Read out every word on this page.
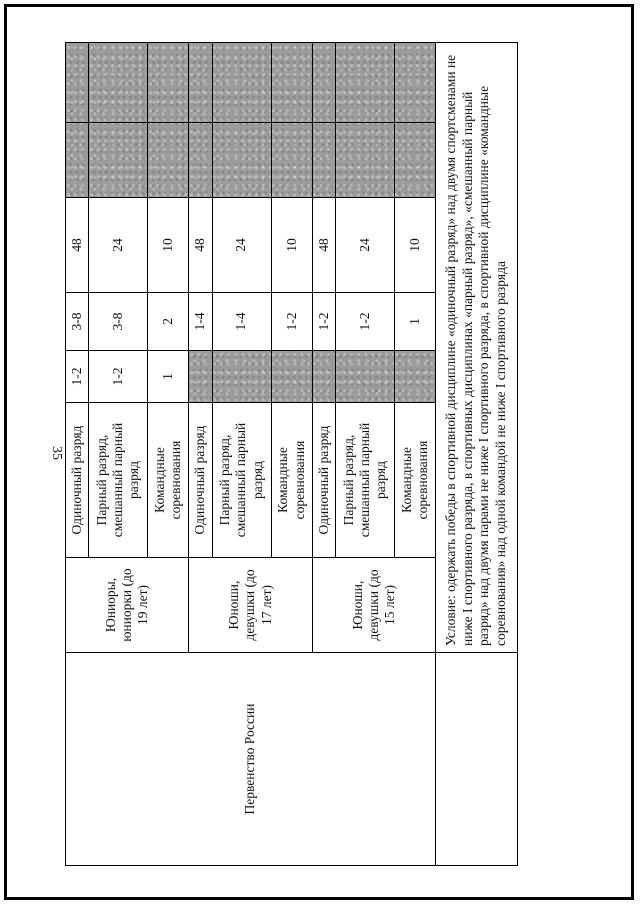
35
Первенство России	Юниоры, юниорки (до 19 лет)	Одиночный разряд	1-2	3-8	48		
		Парный разряд, смешанный парный разряд	1-2	3-8	24		
		Командные соревнования	1	2	10		
	Юноши, девушки (до 17 лет)	Одиночный разряд		1-4	48		
		Парный разряд, смешанный парный разряд		1-4	24		
		Командные соревнования		1-2	10		
	Юноши, девушки (до 15 лет)	Одиночный разряд		1-2	48		
		Парный разряд, смешанный парный разряд		1-2	24		
		Командные соревнования		1	10		
	Условие: одержать победы в спортивной дисциплине «одиночный разряд» над двумя спортсменами не ниже I спортивного разряда, в спортивных дисциплинах «парный разряд», «смешанный парный разряд» над двумя парами не ниже I спортивного разряда, в спортивной дисциплине «командные соревнования» над одной командой не ниже I спортивного разряда						
